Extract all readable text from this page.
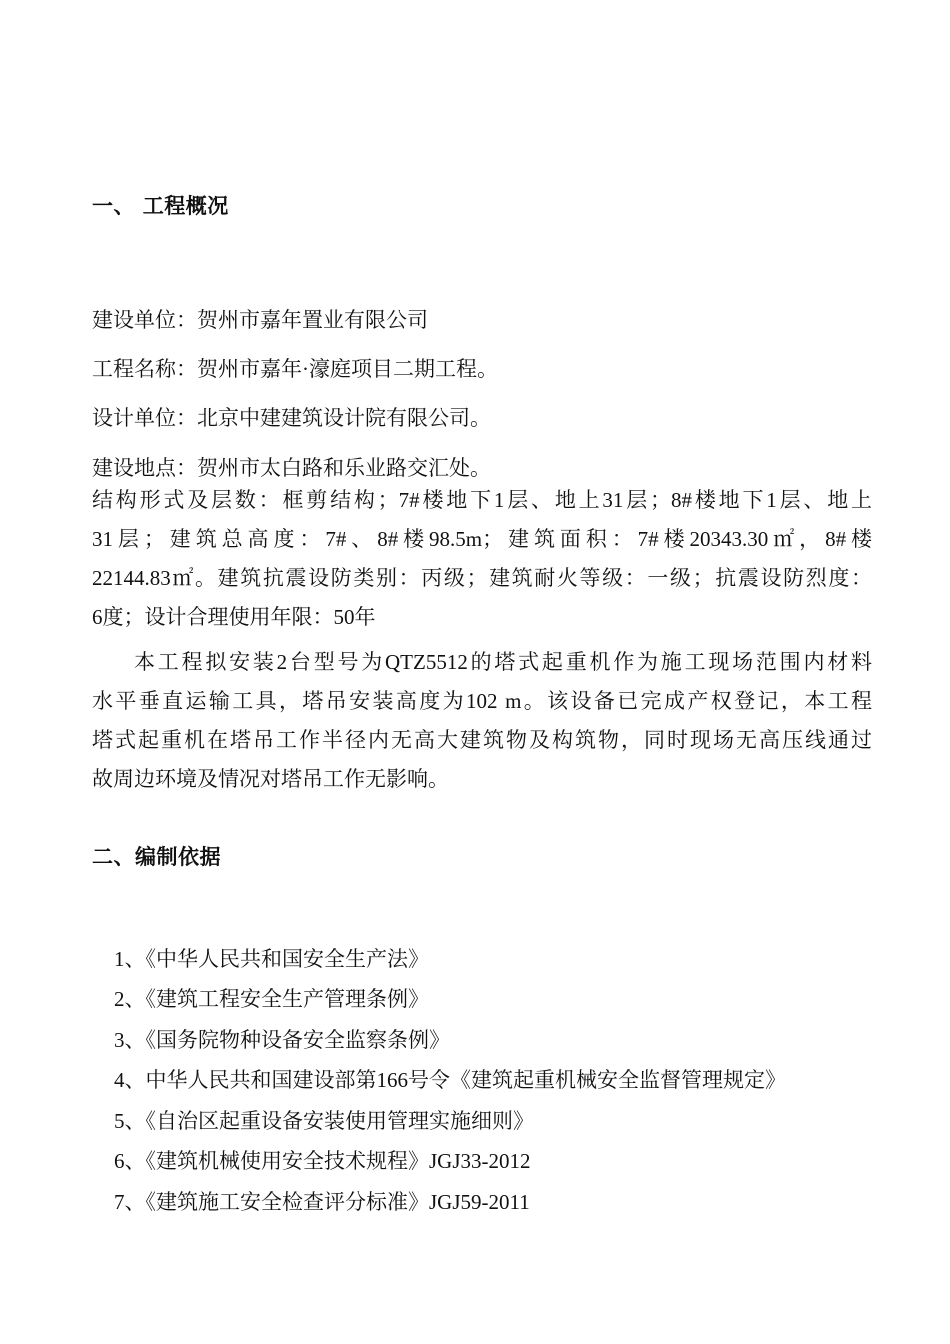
一、 工程概况
建设单位：贺州市嘉年置业有限公司
工程名称：贺州市嘉年·濠庭项目二期工程。
设计单位：北京中建建筑设计院有限公司。
建设地点：贺州市太白路和乐业路交汇处。
结构形式及层数：框剪结构；7#楼地下1层、地上31层；8#楼地下1层、地上
31层；建筑总高度：7#、8#楼98.5m；建筑面积：7#楼20343.30㎡，8#楼
22144.83㎡。建筑抗震设防类别：丙级；建筑耐火等级：一级；抗震设防烈度：
6度；设计合理使用年限：50年
本工程拟安装2台型号为QTZ5512的塔式起重机作为施工现场范围内材料
水平垂直运输工具，塔吊安装高度为102 m。该设备已完成产权登记，本工程
塔式起重机在塔吊工作半径内无高大建筑物及构筑物，同时现场无高压线通过
故周边环境及情况对塔吊工作无影响。
二、编制依据
1、《中华人民共和国安全生产法》
2、《建筑工程安全生产管理条例》
3、《国务院物种设备安全监察条例》
4、中华人民共和国建设部第166号令《建筑起重机械安全监督管理规定》
5、《自治区起重设备安装使用管理实施细则》
6、《建筑机械使用安全技术规程》JGJ33-2012
7、《建筑施工安全检查评分标准》JGJ59-2011
